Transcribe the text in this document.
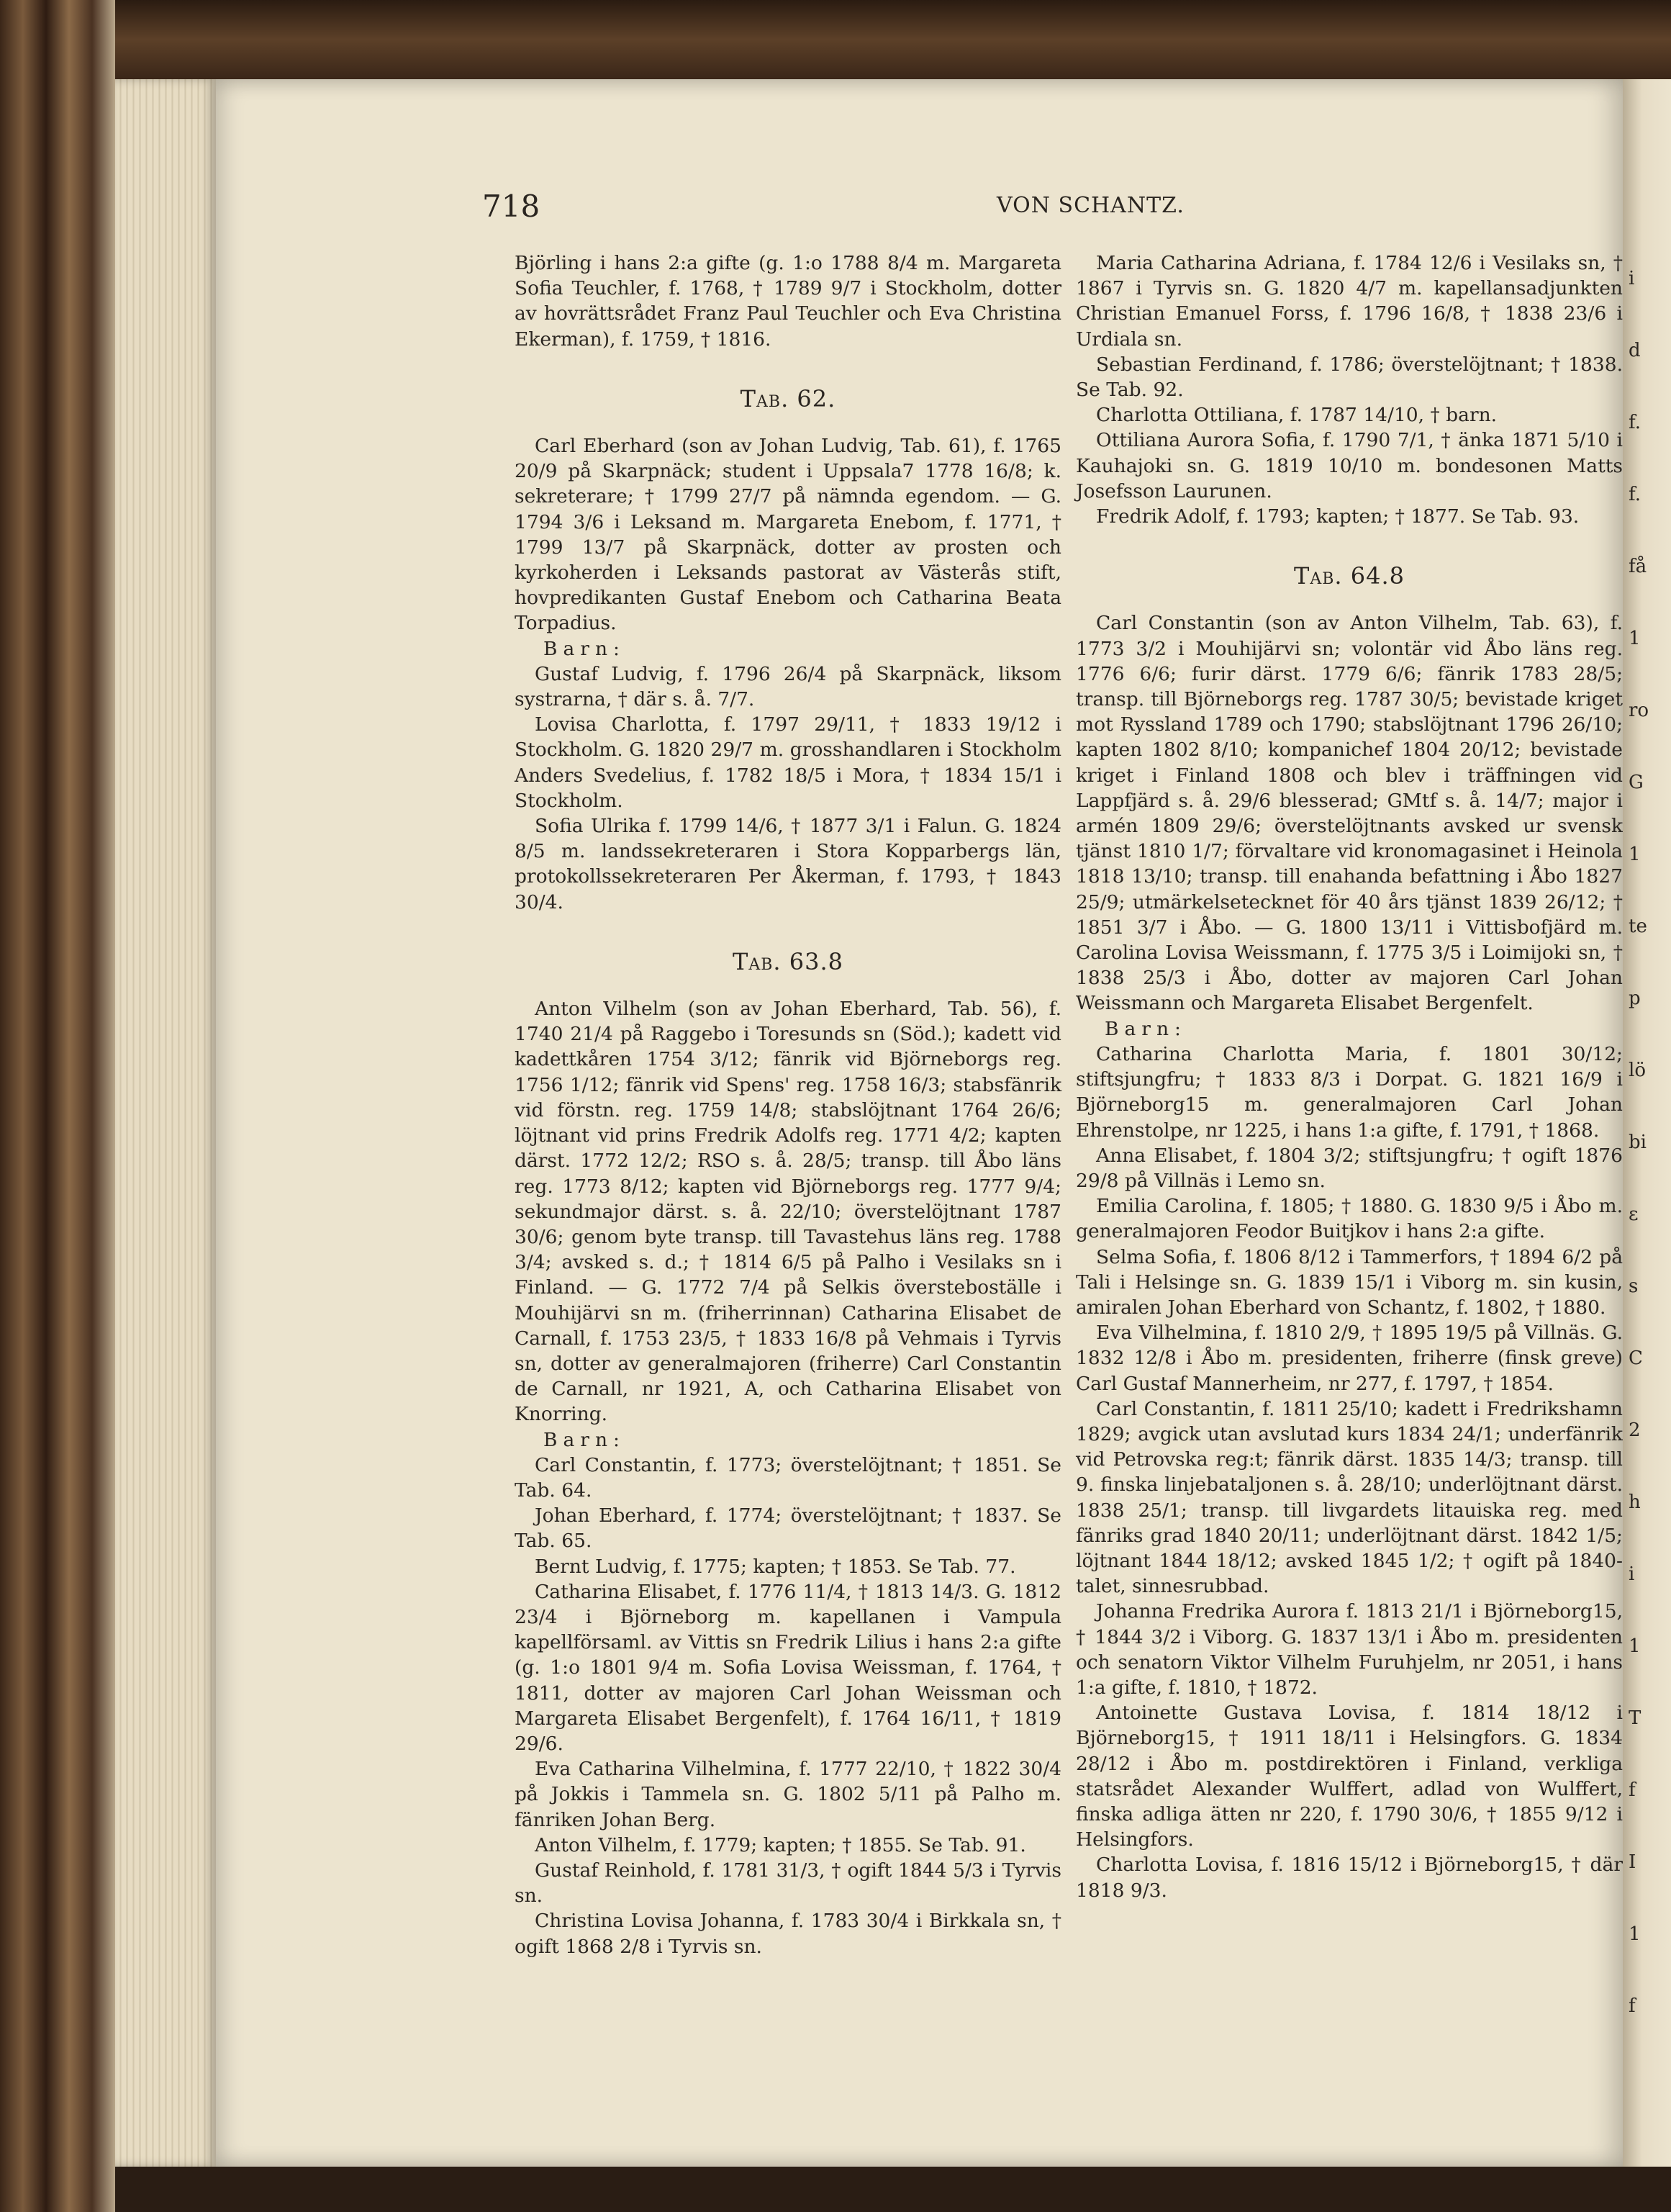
718	VON SCHANTZ.

Björling i hans 2:a gifte (g. 1:o 1788 8/4 m. Margareta Sofia Teuchler, f. 1768, † 1789 9/7 i Stockholm, dotter av hovrättsrådet Franz Paul Teuchler och Eva Christina Ekerman), f. 1759, † 1816.

Tab. 62.

Carl Eberhard (son av Johan Ludvig, Tab. 61), f. 1765 20/9 på Skarpnäck; student i Uppsala7 1778 16/8; k. sekreterare; † 1799 27/7 på nämnda egendom. — G. 1794 3/6 i Leksand m. Margareta Enebom, f. 1771, † 1799 13/7 på Skarpnäck, dotter av prosten och kyrkoherden i Leksands pastorat av Västerås stift, hovpredikanten Gustaf Enebom och Catharina Beata Torpadius.

Barn:

Gustaf Ludvig, f. 1796 26/4 på Skarpnäck, liksom systrarna, † där s. å. 7/7.

Lovisa Charlotta, f. 1797 29/11, † 1833 19/12 i Stockholm. G. 1820 29/7 m. grosshandlaren i Stockholm Anders Svedelius, f. 1782 18/5 i Mora, † 1834 15/1 i Stockholm.

Sofia Ulrika f. 1799 14/6, † 1877 3/1 i Falun. G. 1824 8/5 m. landssekreteraren i Stora Kopparbergs län, protokollssekreteraren Per Åkerman, f. 1793, † 1843 30/4.

Tab. 63.8

Anton Vilhelm (son av Johan Eberhard, Tab. 56), f. 1740 21/4 på Raggebo i Toresunds sn (Söd.); kadett vid kadettkåren 1754 3/12; fänrik vid Björneborgs reg. 1756 1/12; fänrik vid Spens' reg. 1758 16/3; stabsfänrik vid förstn. reg. 1759 14/8; stabslöjtnant 1764 26/6; löjtnant vid prins Fredrik Adolfs reg. 1771 4/2; kapten därst. 1772 12/2; RSO s. å. 28/5; transp. till Åbo läns reg. 1773 8/12; kapten vid Björneborgs reg. 1777 9/4; sekundmajor därst. s. å. 22/10; överstelöjtnant 1787 30/6; genom byte transp. till Tavastehus läns reg. 1788 3/4; avsked s. d.; † 1814 6/5 på Palho i Vesilaks sn i Finland. — G. 1772 7/4 på Selkis översteboställe i Mouhijärvi sn m. (friherrinnan) Catharina Elisabet de Carnall, f. 1753 23/5, † 1833 16/8 på Vehmais i Tyrvis sn, dotter av generalmajoren (friherre) Carl Constantin de Carnall, nr 1921, A, och Catharina Elisabet von Knorring.

Barn:

Carl Constantin, f. 1773; överstelöjtnant; † 1851. Se Tab. 64.

Johan Eberhard, f. 1774; överstelöjtnant; † 1837. Se Tab. 65.

Bernt Ludvig, f. 1775; kapten; † 1853. Se Tab. 77.

Catharina Elisabet, f. 1776 11/4, † 1813 14/3. G. 1812 23/4 i Björneborg m. kapellanen i Vampula kapellförsaml. av Vittis sn Fredrik Lilius i hans 2:a gifte (g. 1:o 1801 9/4 m. Sofia Lovisa Weissman, f. 1764, † 1811, dotter av majoren Carl Johan Weissman och Margareta Elisabet Bergenfelt), f. 1764 16/11, † 1819 29/6.

Eva Catharina Vilhelmina, f. 1777 22/10, † 1822 30/4 på Jokkis i Tammela sn. G. 1802 5/11 på Palho m. fänriken Johan Berg.

Anton Vilhelm, f. 1779; kapten; † 1855. Se Tab. 91.

Gustaf Reinhold, f. 1781 31/3, † ogift 1844 5/3 i Tyrvis sn.

Christina Lovisa Johanna, f. 1783 30/4 i Birkkala sn, † ogift 1868 2/8 i Tyrvis sn.

Maria Catharina Adriana, f. 1784 12/6 i Vesilaks sn, † 1867 i Tyrvis sn. G. 1820 4/7 m. kapellansadjunkten Christian Emanuel Forss, f. 1796 16/8, † 1838 23/6 i Urdiala sn.

Sebastian Ferdinand, f. 1786; överstelöjtnant; † 1838. Se Tab. 92.

Charlotta Ottiliana, f. 1787 14/10, † barn.

Ottiliana Aurora Sofia, f. 1790 7/1, † änka 1871 5/10 i Kauhajoki sn. G. 1819 10/10 m. bondesonen Matts Josefsson Laurunen.

Fredrik Adolf, f. 1793; kapten; † 1877. Se Tab. 93.

Tab. 64.8

Carl Constantin (son av Anton Vilhelm, Tab. 63), f. 1773 3/2 i Mouhijärvi sn; volontär vid Åbo läns reg. 1776 6/6; furir därst. 1779 6/6; fänrik 1783 28/5; transp. till Björneborgs reg. 1787 30/5; bevistade kriget mot Ryssland 1789 och 1790; stabslöjtnant 1796 26/10; kapten 1802 8/10; kompanichef 1804 20/12; bevistade kriget i Finland 1808 och blev i träffningen vid Lappfjärd s. å. 29/6 blesserad; GMtf s. å. 14/7; major i armén 1809 29/6; överstelöjtnants avsked ur svensk tjänst 1810 1/7; förvaltare vid kronomagasinet i Heinola 1818 13/10; transp. till enahanda befattning i Åbo 1827 25/9; utmärkelsetecknet för 40 års tjänst 1839 26/12; † 1851 3/7 i Åbo. — G. 1800 13/11 i Vittisbofjärd m. Carolina Lovisa Weissmann, f. 1775 3/5 i Loimijoki sn, † 1838 25/3 i Åbo, dotter av majoren Carl Johan Weissmann och Margareta Elisabet Bergenfelt.

Barn:

Catharina Charlotta Maria, f. 1801 30/12; stiftsjungfru; † 1833 8/3 i Dorpat. G. 1821 16/9 i Björneborg15 m. generalmajoren Carl Johan Ehrenstolpe, nr 1225, i hans 1:a gifte, f. 1791, † 1868.

Anna Elisabet, f. 1804 3/2; stiftsjungfru; † ogift 1876 29/8 på Villnäs i Lemo sn.

Emilia Carolina, f. 1805; † 1880. G. 1830 9/5 i Åbo m. generalmajoren Feodor Buitjkov i hans 2:a gifte.

Selma Sofia, f. 1806 8/12 i Tammerfors, † 1894 6/2 på Tali i Helsinge sn. G. 1839 15/1 i Viborg m. sin kusin, amiralen Johan Eberhard von Schantz, f. 1802, † 1880.

Eva Vilhelmina, f. 1810 2/9, † 1895 19/5 på Villnäs. G. 1832 12/8 i Åbo m. presidenten, friherre (finsk greve) Carl Gustaf Mannerheim, nr 277, f. 1797, † 1854.

Carl Constantin, f. 1811 25/10; kadett i Fredrikshamn 1829; avgick utan avslutad kurs 1834 24/1; underfänrik vid Petrovska reg:t; fänrik därst. 1835 14/3; transp. till 9. finska linjebataljonen s. å. 28/10; underlöjtnant därst. 1838 25/1; transp. till livgardets litauiska reg. med fänriks grad 1840 20/11; underlöjtnant därst. 1842 1/5; löjtnant 1844 18/12; avsked 1845 1/2; † ogift på 1840-talet, sinnesrubbad.

Johanna Fredrika Aurora f. 1813 21/1 i Björneborg15, † 1844 3/2 i Viborg. G. 1837 13/1 i Åbo m. presidenten och senatorn Viktor Vilhelm Furuhjelm, nr 2051, i hans 1:a gifte, f. 1810, † 1872.

Antoinette Gustava Lovisa, f. 1814 18/12 i Björneborg15, † 1911 18/11 i Helsingfors. G. 1834 28/12 i Åbo m. postdirektören i Finland, verkliga statsrådet Alexander Wulffert, adlad von Wulffert, finska adliga ätten nr 220, f. 1790 30/6, † 1855 9/12 i Helsingfors.

Charlotta Lovisa, f. 1816 15/12 i Björneborg15, † där 1818 9/3.

i
d
f.
f.
få
1
ro
G
1
te
p
lö
bi
ε
s
C
2
h
i
1
T
f
I
1
f
